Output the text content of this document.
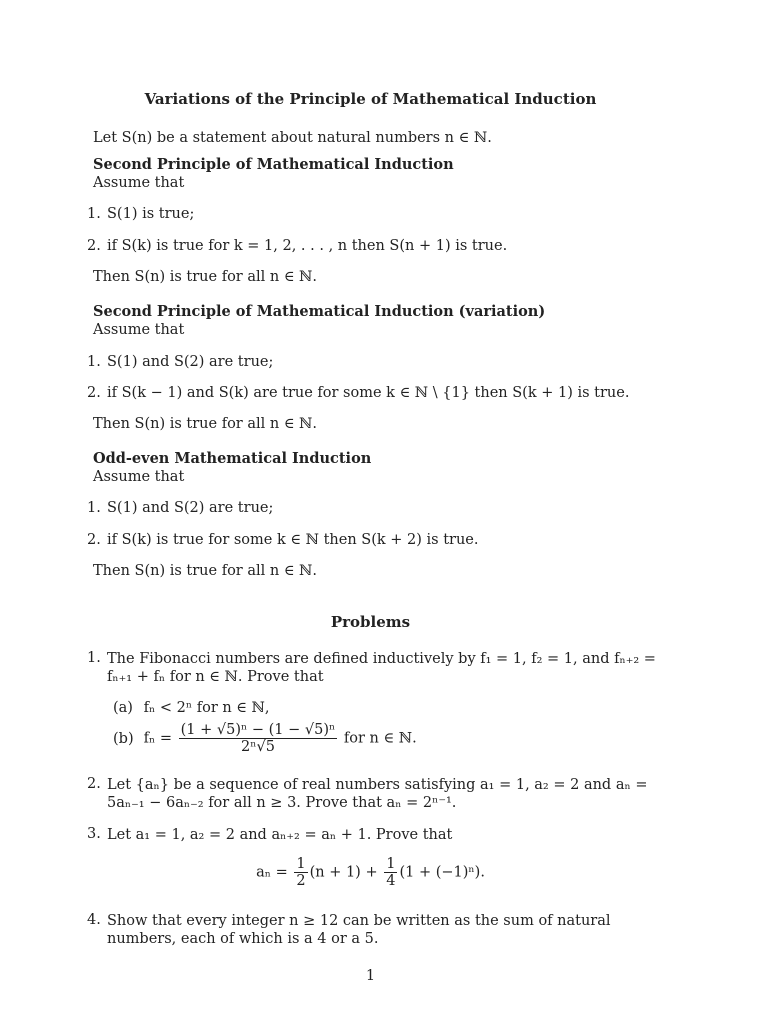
Variations of the Principle of Mathematical Induction
Let S(n) be a statement about natural numbers n ∈ ℕ.
Second Principle of Mathematical Induction
Assume that
1. S(1) is true;
2. if S(k) is true for k = 1, 2, . . . , n then S(n + 1) is true.
Then S(n) is true for all n ∈ ℕ.
Second Principle of Mathematical Induction (variation)
Assume that
1. S(1) and S(2) are true;
2. if S(k − 1) and S(k) are true for some k ∈ ℕ \ {1} then S(k + 1) is true.
Then S(n) is true for all n ∈ ℕ.
Odd-even Mathematical Induction
Assume that
1. S(1) and S(2) are true;
2. if S(k) is true for some k ∈ ℕ then S(k + 2) is true.
Then S(n) is true for all n ∈ ℕ.
Problems
1. The Fibonacci numbers are defined inductively by f₁ = 1, f₂ = 1, and fₙ₊₂ = fₙ₊₁ + fₙ for n ∈ ℕ. Prove that
(a) fₙ < 2ⁿ for n ∈ ℕ,
(b) $f_n = \frac{\text{(1 + √5)ⁿ − (1 − √5)ⁿ}}{\text{2ⁿ√5}}$ for n ∈ ℕ.
2. Let {aₙ} be a sequence of real numbers satisfying a₁ = 1, a₂ = 2 and aₙ = 5aₙ₋₁ − 6aₙ₋₂ for all n ≥ 3. Prove that aₙ = 2ⁿ⁻¹.
3. Let a₁ = 1, a₂ = 2 and aₙ₊₂ = aₙ + 1. Prove that
$a_n = \frac{1}{2} (n + 1) + \frac{1}{4} (1 + (-1)^n)$.
4. Show that every integer n ≥ 12 can be written as the sum of natural numbers, each of which is a 4 or a 5.
1
